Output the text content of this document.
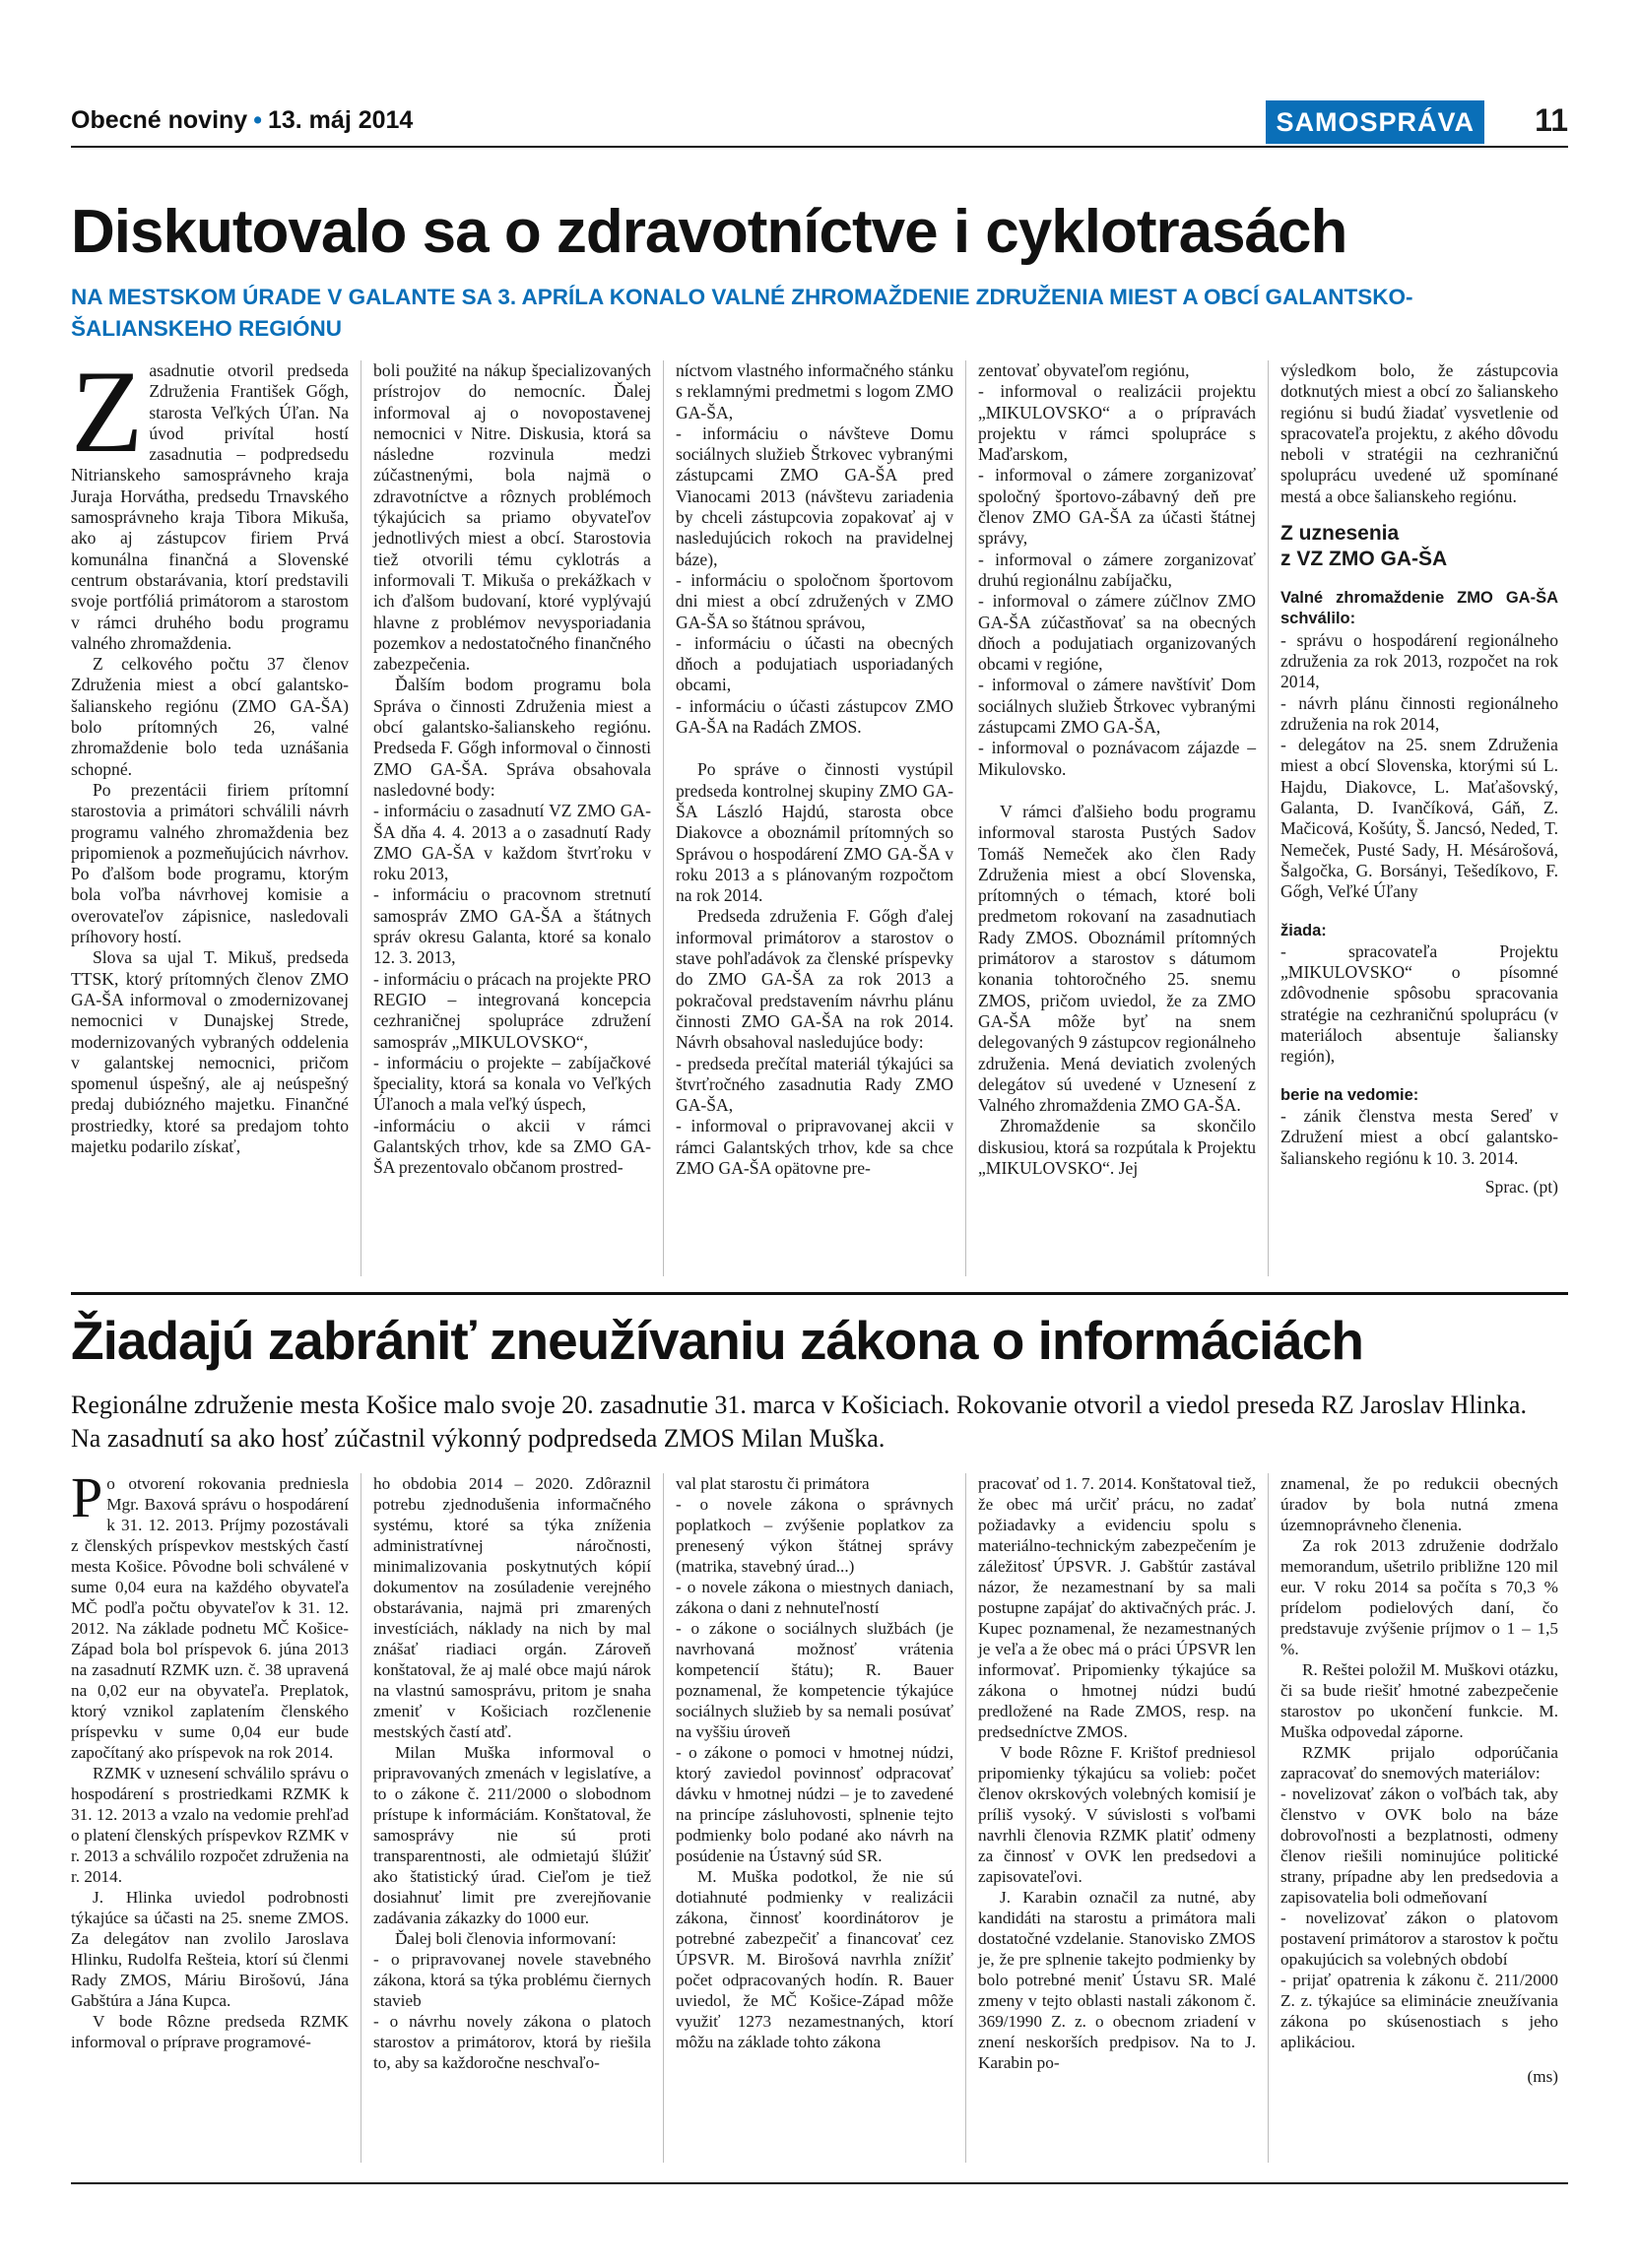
Obecné noviny • 13. máj 2014	SAMOSPRÁVA	11
Diskutovalo sa o zdravotníctve i cyklotrasách
NA MESTSKOM ÚRADE V GALANTE SA 3. APRÍLA KONALO VALNÉ ZHROMAŽDENIE ZDRUŽENIA MIEST A OBCÍ GALANTSKO-ŠALIANSKEHO REGIÓNU
Z asadnutie otvoril predseda Združenia František Gőgh, starosta Veľkých Úľan. Na úvod privítal hostí zasadnutia – podpredsedu Nitrianskeho samosprávneho kraja Juraja Horvátha, predsedu Trnavského samosprávneho kraja Tibora Mikuša, ako aj zástupcov firiem Prvá komunálna finančná a Slovenské centrum obstarávania, ktorí predstavili svoje portfóliá primátorom a starostom v rámci druhého bodu programu valného zhromaždenia.

Z celkového počtu 37 členov Združenia miest a obcí galantsko-šalianskeho regiónu (ZMO GA-ŠA) bolo prítomných 26, valné zhromaždenie bolo teda uznášania schopné.

Po prezentácii firiem prítomní starostovia a primátori schválili návrh programu valného zhromaždenia bez pripomienok a pozmeňujúcich návrhov. Po ďalšom bode programu, ktorým bola voľba návrhovej komisie a overovateľov zápisnice, nasledovali príhovory hostí.

Slova sa ujal T. Mikuš, predseda TTSK, ktorý prítomných členov ZMO GA-ŠA informoval o zmodernizovanej nemocnici v Dunajskej Strede, modernizovaných vybraných oddelenia v galantskej nemocnici, pričom spomenul úspešný, ale aj neúspešný predaj dubiózného majetku. Finančné prostriedky, ktoré sa predajom tohto majetku podarilo získať,

boli použité na nákup špecializovaných prístrojov do nemocníc. Ďalej informoval aj o novopostavenej nemocnici v Nitre. Diskusia, ktorá sa následne rozvinula medzi zúčastnenými, bola najmä o zdravotníctve a rôznych problémoch týkajúcich sa priamo obyvateľov jednotlivých miest a obcí. Starostovia tiež otvorili tému cyklotrás a informovali T. Mikuša o prekážkach v ich ďalšom budovaní, ktoré vyplývajú hlavne z problémov nevysporiadania pozemkov a nedostatočného finančného zabezpečenia.

Ďalším bodom programu bola Správa o činnosti Združenia miest a obcí galantsko-šalianskeho regiónu. Predseda F. Gőgh informoval o činnosti ZMO GA-ŠA. Správa obsahovala nasledovné body:

- informáciu o zasadnutí VZ ZMO GA-ŠA dňa 4. 4. 2013 a o zasadnutí Rady ZMO GA-ŠA v každom štvrťroku v roku 2013,

- informáciu o pracovnom stretnutí samospráv ZMO GA-ŠA a štátnych správ okresu Galanta, ktoré sa konalo 12. 3. 2013,

- informáciu o prácach na projekte PRO REGIO – integrovaná koncepcia cezhraničnej spolupráce združení samospráv „MIKULOVSKO“,

- informáciu o projekte – zabíjačkové špeciality, ktorá sa konala vo Veľkých Úľanoch a mala veľký úspech,

-informáciu o akcii v rámci Galantských trhov, kde sa ZMO GA-ŠA prezentovalo občanom prostred-

níctvom vlastného informačného stánku s reklamnými predmetmi s logom ZMO GA-ŠA,

- informáciu o návšteve Domu sociálnych služieb Štrkovec vybranými zástupcami ZMO GA-ŠA pred Vianocami 2013 (návštevu zariadenia by chceli zástupcovia zopakovať aj v nasledujúcich rokoch na pravidelnej báze),

- informáciu o spoločnom športovom dni miest a obcí združených v ZMO GA-ŠA so štátnou správou,

- informáciu o účasti na obecných dňoch a podujatiach usporiadaných obcami,

- informáciu o účasti zástupcov ZMO GA-ŠA na Radách ZMOS.

Po správe o činnosti vystúpil predseda kontrolnej skupiny ZMO GA-ŠA László Hajdú, starosta obce Diakovce a oboznámil prítomných so Správou o hospodárení ZMO GA-ŠA v roku 2013 a s plánovaným rozpočtom na rok 2014.

Predseda združenia F. Gőgh ďalej informoval primátorov a starostov o stave pohľadávok za členské príspevky do ZMO GA-ŠA za rok 2013 a pokračoval predstavením návrhu plánu činnosti ZMO GA-ŠA na rok 2014. Návrh obsahoval nasledujúce body:

- predseda prečítal materiál týkajúci sa štvrťročného zasadnutia Rady ZMO GA-ŠA,

- informoval o pripravovanej akcii v rámci Galantských trhov, kde sa chce ZMO GA-ŠA opätovne pre-

zentovať obyvateľom regiónu,

- informoval o realizácii projektu „MIKULOVSKO“ a o prípravách projektu v rámci spolupráce s Maďarskom,

- informoval o zámere zorganizovať spoločný športovo-zábavný deň pre členov ZMO GA-ŠA za účasti štátnej správy,

- informoval o zámere zorganizovať druhú regionálnu zabíjačku,

- informoval o zámere zúčlnov ZMO GA-ŠA zúčastňovať sa na obecných dňoch a podujatiach organizovaných obcami v regióne,

- informoval o zámere navštíviť Dom sociálnych služieb Štrkovec vybranými zástupcami ZMO GA-ŠA,

- informoval o poznávacom zájazde – Mikulovsko.

V rámci ďalšieho bodu programu informoval starosta Pustých Sadov Tomáš Nemeček ako člen Rady Združenia miest a obcí Slovenska, prítomných o témach, ktoré boli predmetom rokovaní na zasadnutiach Rady ZMOS. Oboznámil prítomných primátorov a starostov s dátumom konania tohtoročného 25. snemu ZMOS, pričom uviedol, že za ZMO GA-ŠA môže byť na snem delegovaných 9 zástupcov regionálneho združenia. Mená deviatich zvolených delegátov sú uvedené v Uznesení z Valného zhromaždenia ZMO GA-ŠA.

Zhromaždenie sa skončilo diskusiou, ktorá sa rozpútala k Projektu „MIKULOVSKO“. Jej

výsledkom bolo, že zástupcovia dotknutých miest a obcí zo šalianskeho regiónu si budú žiadať vysvetlenie od spracovateľa projektu, z akého dôvodu neboli v stratégii na cezhraničnú spoluprácu uvedené už spomínané mestá a obce šalianskeho regiónu.

Z uznesenia
z VZ ZMO GA-ŠA

Valné zhromaždenie ZMO GA-ŠA schválilo:

- správu o hospodárení regionálneho združenia za rok 2013, rozpočet na rok 2014,

- návrh plánu činnosti regionálneho združenia na rok 2014,

- delegátov na 25. snem Združenia miest a obcí Slovenska, ktorými sú L. Hajdu, Diakovce, L. Maťašovský, Galanta, D. Ivančíková, Gáň, Z. Mačicová, Košúty, Š. Jancsó, Neded, T. Nemeček, Pusté Sady, H. Mésárošová, Šalgočka, G. Borsányi, Tešedíkovo, F. Gőgh, Veľké Úľany

žiada:

- spracovateľa Projektu „MIKULOVSKO“ o písomné zdôvodnenie spôsobu spracovania stratégie na cezhraničnú spoluprácu (v materiáloch absentuje šaliansky región),

berie na vedomie:

- zánik členstva mesta Sereď v Združení miest a obcí galantsko-šalianskeho regiónu k 10. 3. 2014.

Sprac. (pt)
Žiadajú zabrániť zneužívaniu zákona o informáciách
Regionálne združenie mesta Košice malo svoje 20. zasadnutie 31. marca v Košiciach. Rokovanie otvoril a viedol preseda RZ Jaroslav Hlinka. Na zasadnutí sa ako hosť zúčastnil výkonný podpredseda ZMOS Milan Muška.
P o otvorení rokovania predniesla Mgr. Baxová správu o hospodárení k 31. 12. 2013. Príjmy pozostávali z členských príspevkov mestských častí mesta Košice. Pôvodne boli schválené v sume 0,04 eura na každého obyvateľa MČ podľa počtu obyvateľov k 31. 12. 2012. Na základe podnetu MČ Košice-Západ bola bol príspevok 6. júna 2013 na zasadnutí RZMK uzn. č. 38 upravená na 0,02 eur na obyvateľa. Preplatok, ktorý vznikol zaplatením členského príspevku v sume 0,04 eur bude započítaný ako príspevok na rok 2014.

RZMK v uznesení schválilo správu o hospodárení s prostriedkami RZMK k 31. 12. 2013 a vzalo na vedomie prehľad o platení členských príspevkov RZMK v r. 2013 a schválilo rozpočet združenia na r. 2014.

J. Hlinka uviedol podrobnosti týkajúce sa účasti na 25. sneme ZMOS. Za delegátov nan zvolilo Jaroslava Hlinku, Rudolfa Rešteia, ktorí sú členmi Rady ZMOS, Máriu Birošovú, Jána Gabštúra a Jána Kupca.

V bode Rôzne predseda RZMK informoval o príprave programové-

ho obdobia 2014 – 2020. Zdôraznil potrebu zjednodušenia informačného systému, ktoré sa týka zníženia administratívnej náročnosti, minimalizovania poskytnutých kópií dokumentov na zosúladenie verejného obstarávania, najmä pri zmarených investíciách, náklady na nich by mal znášať riadiaci orgán. Zároveň konštatoval, že aj malé obce majú nárok na vlastnú samosprávu, pritom je snaha zmeniť v Košiciach rozčlenenie mestských častí atď.

Milan Muška informoval o pripravovaných zmenách v legislatíve, a to o zákone č. 211/2000 o slobodnom prístupe k informáciám. Konštatoval, že samosprávy nie sú proti transparentnosti, ale odmietajú šlúžiť ako štatistický úrad. Cieľom je tiež dosiahnuť limit pre zverejňovanie zadávania zákazky do 1000 eur.

Ďalej boli členovia informovaní:

- o pripravovanej novele stavebného zákona, ktorá sa týka problému čiernych stavieb

- o návrhu novely zákona o platoch starostov a primátorov, ktorá by riešila to, aby sa každoročne neschvaľo-

val plat starostu či primátora

- o novele zákona o správnych poplatkoch – zvýšenie poplatkov za prenesený výkon štátnej správy (matrika, stavebný úrad...)

- o novele zákona o miestnych daniach, zákona o dani z nehnuteľností

- o zákone o sociálnych službách (je navrhovaná možnosť vrátenia kompetencií štátu); R. Bauer poznamenal, že kompetencie týkajúce sociálnych služieb by sa nemali posúvať na vyššiu úroveň

- o zákone o pomoci v hmotnej núdzi, ktorý zaviedol povinnosť odpracovať dávku v hmotnej núdzi – je to zavedené na princípe zásluhovosti, splnenie tejto podmienky bolo podané ako návrh na posúdenie na Ústavný súd SR.

M. Muška podotkol, že nie sú dotiahnuté podmienky v realizácii zákona, činnosť koordinátorov je potrebné zabezpečiť a financovať cez ÚPSVR. M. Birošová navrhla znížiť počet odpracovaných hodín. R. Bauer uviedol, že MČ Košice-Západ môže využiť 1273 nezamestnaných, ktorí môžu na základe tohto zákona

pracovať od 1. 7. 2014. Konštatoval tiež, že obec má určiť prácu, no zadať požiadavky a evidenciu spolu s materiálno-technickým zabezpečením je záležitosť ÚPSVR. J. Gabštúr zastával názor, že nezamestnaní by sa mali postupne zapájať do aktivačných prác. J. Kupec poznamenal, že nezamestnaných je veľa a že obec má o práci ÚPSVR len informovať. Pripomienky týkajúce sa zákona o hmotnej núdzi budú predložené na Rade ZMOS, resp. na predsedníctve ZMOS.

V bode Rôzne F. Krištof predniesol pripomienky týkajúcu sa volieb: počet členov okrskových volebných komisií je príliš vysoký. V súvislosti s voľbami navrhli členovia RZMK platiť odmeny za činnosť v OVK len predsedovi a zapisovateľovi.

J. Karabin označil za nutné, aby kandidáti na starostu a primátora mali dostatočné vzdelanie. Stanovisko ZMOS je, že pre splnenie takejto podmienky by bolo potrebné meniť Ústavu SR. Malé zmeny v tejto oblasti nastali zákonom č. 369/1990 Z. z. o obecnom zriadení v znení neskorších predpisov. Na to J. Karabin po-

znamenal, že po redukcii obecných úradov by bola nutná zmena územnoprávneho členenia.

Za rok 2013 združenie dodržalo memorandum, ušetrilo približne 120 mil eur. V roku 2014 sa počíta s 70,3 % prídelom podielových daní, čo predstavuje zvýšenie príjmov o 1 – 1,5 %.

R. Reštei položil M. Muškovi otázku, či sa bude riešiť hmotné zabezpečenie starostov po ukončení funkcie. M. Muška odpovedal záporne.

RZMK prijalo odporúčania zapracovať do snemových materiálov:

- novelizovať zákon o voľbách tak, aby členstvo v OVK bolo na báze dobrovoľnosti a bezplatnosti, odmeny členov riešili nominujúce politické strany, prípadne aby len predsedovia a zapisovatelia boli odmeňovaní

- novelizovať zákon o platovom postavení primátorov a starostov k počtu opakujúcich sa volebných období

- prijať opatrenia k zákonu č. 211/2000 Z. z. týkajúce sa eliminácie zneužívania zákona po skúsenostiach s jeho aplikáciou.

(ms)
